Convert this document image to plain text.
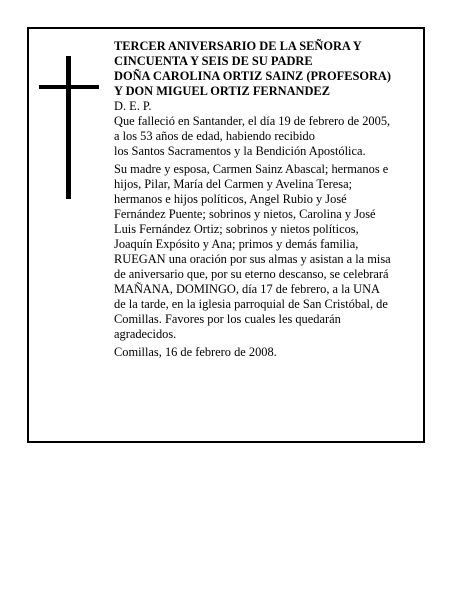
TERCER ANIVERSARIO DE LA SEÑORA Y
CINCUENTA Y SEIS DE SU PADRE
DOÑA CAROLINA ORTIZ SAINZ (PROFESORA)
Y DON MIGUEL ORTIZ FERNANDEZ
D. E. P.
Que falleció en Santander, el día 19 de febrero de 2005,
a los 53 años de edad, habiendo recibido
los Santos Sacramentos y la Bendición Apostólica.
Su madre y esposa, Carmen Sainz Abascal; hermanos e
hijos, Pilar, María del Carmen y Avelina Teresa;
hermanos e hijos políticos, Angel Rubio y José
Fernández Puente; sobrinos y nietos, Carolina y José
Luis Fernández Ortiz; sobrinos y nietos políticos,
Joaquín Expósito y Ana; primos y demás familia,
RUEGAN una oración por sus almas y asistan a la misa
de aniversario que, por su eterno descanso, se celebrará
MAÑANA, DOMINGO, día 17 de febrero, a la UNA
de la tarde, en la iglesia parroquial de San Cristóbal, de
Comillas. Favores por los cuales les quedarán
agradecidos.
Comillas, 16 de febrero de 2008.
